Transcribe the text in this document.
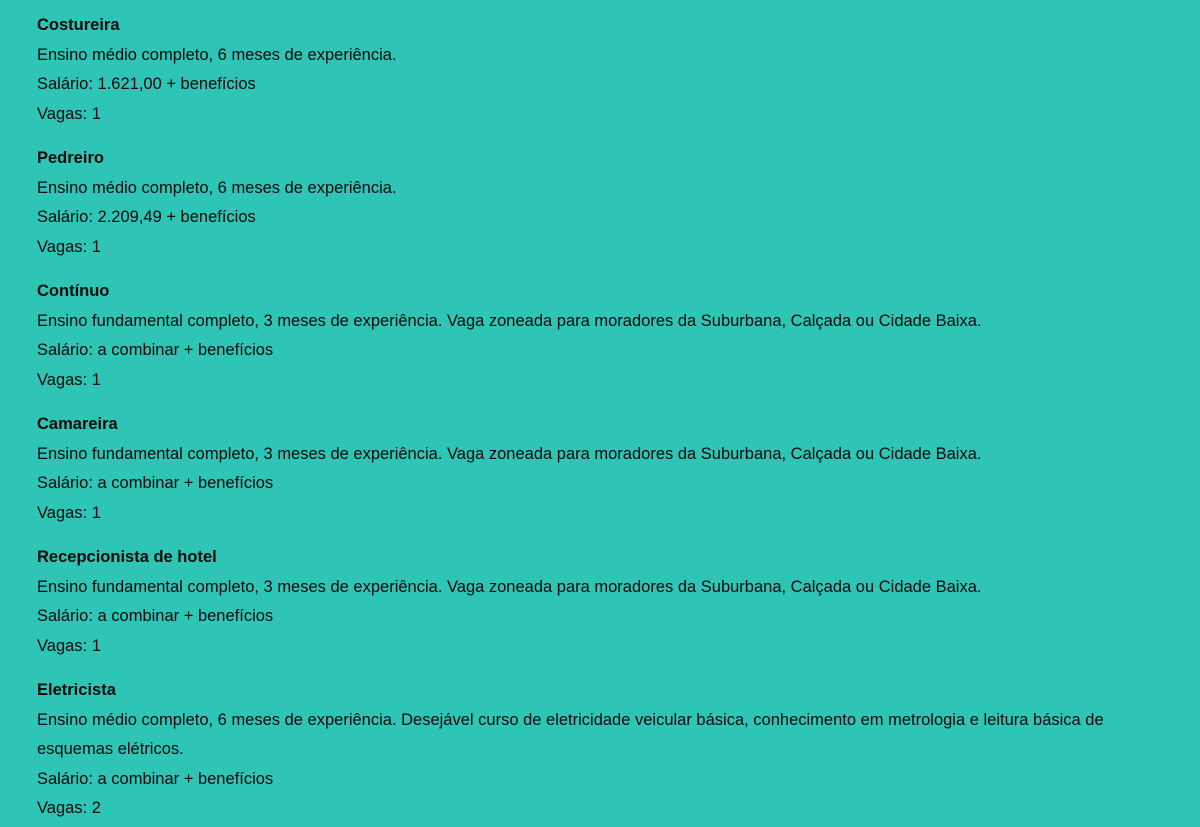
Costureira

Ensino médio completo, 6 meses de experiência.

Salário: 1.621,00 + benefícios

Vagas: 1

Pedreiro

Ensino médio completo, 6 meses de experiência.

Salário: 2.209,49 + benefícios

Vagas: 1

Contínuo

Ensino fundamental completo, 3 meses de experiência. Vaga zoneada para moradores da Suburbana, Calçada ou Cidade Baixa.

Salário: a combinar + benefícios

Vagas: 1

Camareira

Ensino fundamental completo, 3 meses de experiência. Vaga zoneada para moradores da Suburbana, Calçada ou Cidade Baixa.

Salário: a combinar + benefícios

Vagas: 1

Recepcionista de hotel

Ensino fundamental completo, 3 meses de experiência. Vaga zoneada para moradores da Suburbana, Calçada ou Cidade Baixa.

Salário: a combinar + benefícios

Vagas: 1

Eletricista

Ensino médio completo, 6 meses de experiência. Desejável curso de eletricidade veicular básica, conhecimento em metrologia e leitura básica de esquemas elétricos.

Salário: a combinar + benefícios

Vagas: 2
